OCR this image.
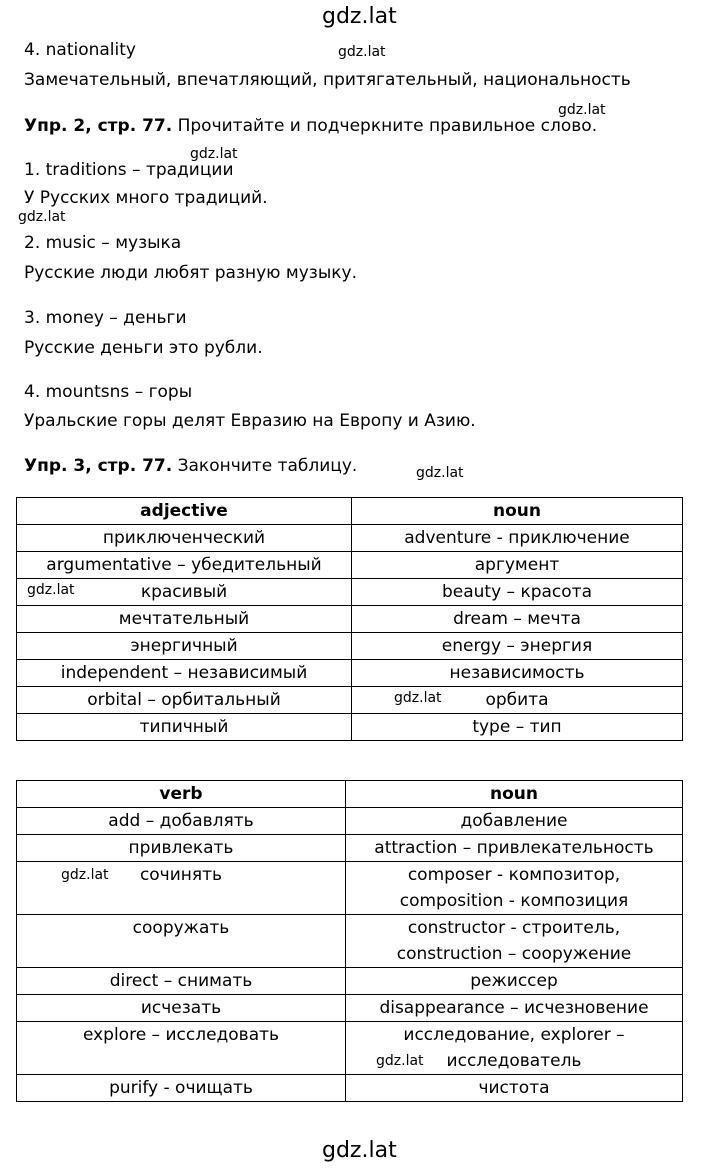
gdz.lat
gdz.lat
gdz.lat
gdz.lat
gdz.lat
gdz.lat
gdz.lat
4. nationality
Замечательный, впечатляющий, притягательный, национальность
Упр. 2, стр. 77. Прочитайте и подчеркните правильное слово.
1. traditions – традиции
У Русских много традиций.
2. music – музыка
Русские люди любят разную музыку.
3. money – деньги
Русские деньги это рубли.
4. mountsns – горы
Уральские горы делят Евразию на Европу и Азию.
Упр. 3, стр. 77. Закончите таблицу.
adjective	noun
приключенческий	adventure - приключение
argumentative – убедительный	аргумент

gdz.lat красивый	beauty – красота
мечтательный	dream – мечта
энергичный	energy – энергия
independent – независимый	независимость
orbital – орбитальный	gdz.lat орбита
типичный	type – тип
verb	noun
add – добавлять	добавление
привлекать	attraction – привлекательность

gdz.lat сочинять	composer - композитор,
composition - композиция

сооружать	constructor - строитель,
construction – сооружение

direct – снимать	режиссер
исчезать	disappearance – исчезновение
explore – исследовать	gdz.lat
исследование, explorer –
исследователь

purify - очищать	чистота
